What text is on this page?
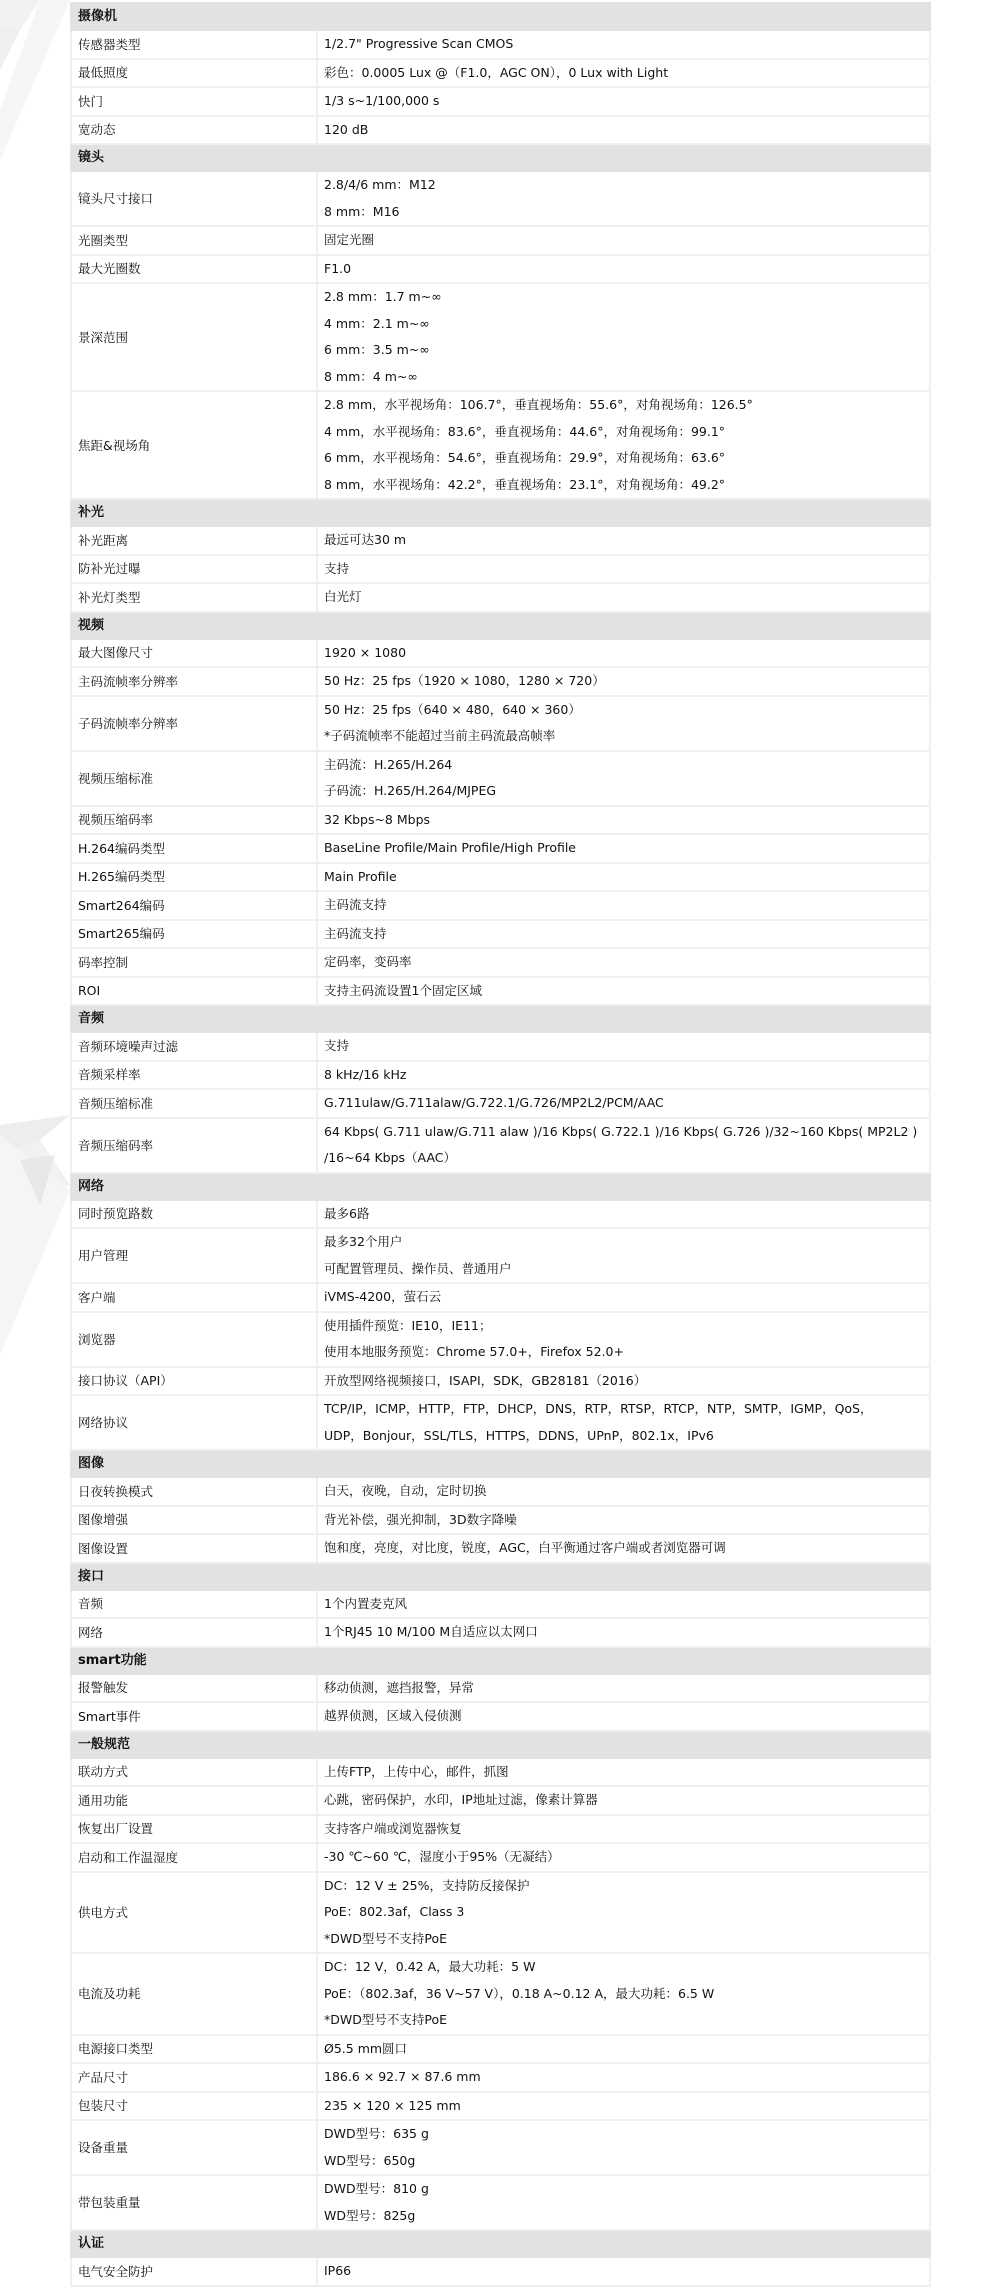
摄像机	
传感器类型	1/2.7" Progressive Scan CMOS

最低照度	彩色：0.0005 Lux @（F1.0，AGC ON），0 Lux with Light

快门	1/3 s~1/100,000 s

宽动态	120 dB

镜头	
镜头尺寸接口	2.8/4/6 mm：M12
8 mm：M16

光圈类型	固定光圈

最大光圈数	F1.0

景深范围	2.8 mm：1.7 m~∞
4 mm：2.1 m~∞
6 mm：3.5 m~∞
8 mm：4 m~∞

焦距&视场角	2.8 mm，水平视场角：106.7°，垂直视场角：55.6°，对角视场角：126.5°
4 mm，水平视场角：83.6°，垂直视场角：44.6°，对角视场角：99.1°
6 mm，水平视场角：54.6°，垂直视场角：29.9°，对角视场角：63.6°
8 mm，水平视场角：42.2°，垂直视场角：23.1°，对角视场角：49.2°

补光	
补光距离	最远可达30 m

防补光过曝	支持

补光灯类型	白光灯

视频	
最大图像尺寸	1920 × 1080

主码流帧率分辨率	50 Hz：25 fps（1920 × 1080，1280 × 720）

子码流帧率分辨率	50 Hz：25 fps（640 × 480，640 × 360）
*子码流帧率不能超过当前主码流最高帧率

视频压缩标准	主码流：H.265/H.264
子码流：H.265/H.264/MJPEG

视频压缩码率	32 Kbps~8 Mbps

H.264编码类型	BaseLine Profile/Main Profile/High Profile

H.265编码类型	Main Profile

Smart264编码	主码流支持

Smart265编码	主码流支持

码率控制	定码率，变码率

ROI	支持主码流设置1个固定区域

音频	
音频环境噪声过滤	支持

音频采样率	8 kHz/16 kHz

音频压缩标准	G.711ulaw/G.711alaw/G.722.1/G.726/MP2L2/PCM/AAC

音频压缩码率	64 Kbps( G.711 ulaw/G.711 alaw )/16 Kbps( G.722.1 )/16 Kbps( G.726 )/32~160 Kbps( MP2L2 )
/16~64 Kbps（AAC）

网络	
同时预览路数	最多6路

用户管理	最多32个用户
可配置管理员、操作员、普通用户

客户端	iVMS-4200，萤石云

浏览器	使用插件预览：IE10，IE11；
使用本地服务预览：Chrome 57.0+，Firefox 52.0+

接口协议（API）	开放型网络视频接口，ISAPI，SDK，GB28181（2016）

网络协议	TCP/IP，ICMP，HTTP，FTP，DHCP，DNS，RTP，RTSP，RTCP，NTP，SMTP，IGMP，QoS，
UDP，Bonjour，SSL/TLS，HTTPS，DDNS，UPnP，802.1x，IPv6

图像	
日夜转换模式	白天，夜晚，自动，定时切换

图像增强	背光补偿，强光抑制，3D数字降噪

图像设置	饱和度，亮度，对比度，锐度，AGC，白平衡通过客户端或者浏览器可调

接口	
音频	1个内置麦克风

网络	1个RJ45 10 M/100 M自适应以太网口

smart功能	
报警触发	移动侦测，遮挡报警，异常

Smart事件	越界侦测，区域入侵侦测

一般规范	
联动方式	上传FTP，上传中心，邮件，抓图

通用功能	心跳，密码保护，水印，IP地址过滤，像素计算器

恢复出厂设置	支持客户端或浏览器恢复

启动和工作温湿度	-30 ℃~60 ℃，湿度小于95%（无凝结）

供电方式	DC：12 V ± 25%，支持防反接保护
PoE：802.3af，Class 3
*DWD型号不支持PoE

电流及功耗	DC：12 V，0.42 A，最大功耗：5 W
PoE：（802.3af，36 V~57 V），0.18 A~0.12 A，最大功耗：6.5 W
*DWD型号不支持PoE

电源接口类型	Ø5.5 mm圆口

产品尺寸	186.6 × 92.7 × 87.6 mm

包装尺寸	235 × 120 × 125 mm

设备重量	DWD型号：635 g
WD型号：650g

带包装重量	DWD型号：810 g
WD型号：825g

认证	
电气安全防护	IP66
